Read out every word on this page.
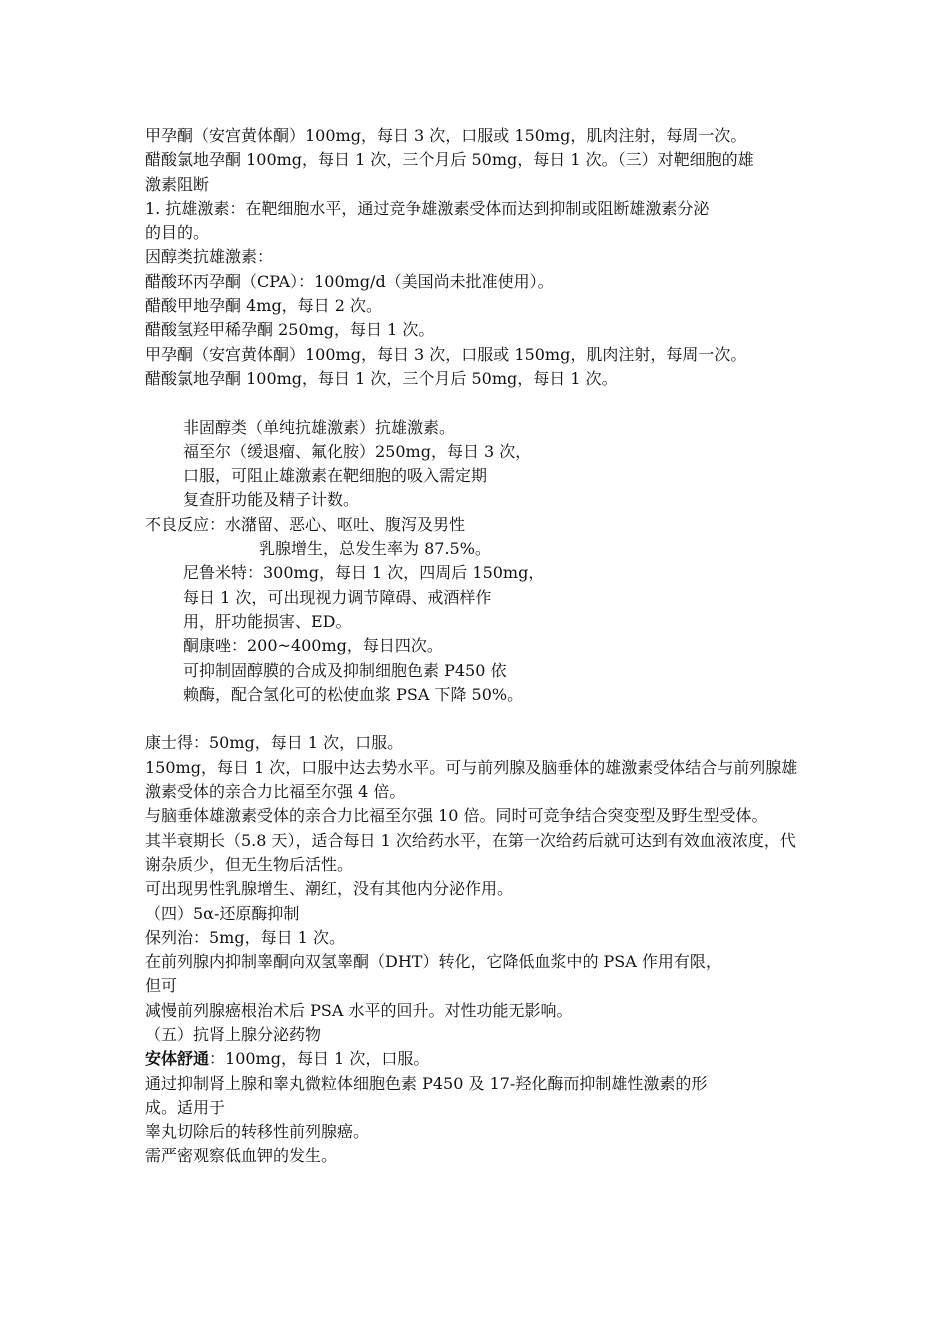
甲孕酮（安宫黄体酮）100mg，每日 3 次，口服或 150mg，肌肉注射，每周一次。
醋酸氯地孕酮 100mg，每日 1 次，三个月后 50mg，每日 1 次。（三）对靶细胞的雄
激素阻断
1. 抗雄激素：在靶细胞水平，通过竞争雄激素受体而达到抑制或阻断雄激素分泌
的目的。
因醇类抗雄激素：
醋酸环丙孕酮（CPA）：100mg/d（美国尚未批准使用）。
醋酸甲地孕酮 4mg，每日 2 次。
醋酸氢羟甲稀孕酮 250mg，每日 1 次。
甲孕酮（安宫黄体酮）100mg，每日 3 次，口服或 150mg，肌肉注射，每周一次。
醋酸氯地孕酮 100mg，每日 1 次，三个月后 50mg，每日 1 次。
非固醇类（单纯抗雄激素）抗雄激素。
福至尔（缓退瘤、氟化胺）250mg，每日 3 次，
口服，可阻止雄激素在靶细胞的吸入需定期
复查肝功能及精子计数。
不良反应：水潴留、恶心、呕吐、腹泻及男性
乳腺增生，总发生率为 87.5%。
尼鲁米特：300mg，每日 1 次，四周后 150mg，
每日 1 次，可出现视力调节障碍、戒酒样作
用，肝功能损害、ED。
酮康唑：200~400mg，每日四次。
可抑制固醇膜的合成及抑制细胞色素 P450 依
赖酶，配合氢化可的松使血浆 PSA 下降 50%。
康士得：50mg，每日 1 次，口服。
150mg，每日 1 次，口服中达去势水平。可与前列腺及脑垂体的雄激素受体结合与前列腺雄激素受体的亲合力比福至尔强 4 倍。
与脑垂体雄激素受体的亲合力比福至尔强 10 倍。同时可竞争结合突变型及野生型受体。
其半衰期长（5.8 天），适合每日 1 次给药水平，在第一次给药后就可达到有效血液浓度，代谢杂质少，但无生物后活性。
可出现男性乳腺增生、潮红，没有其他内分泌作用。
（四）5α-还原酶抑制
保列治：5mg，每日 1 次。
在前列腺内抑制睾酮向双氢睾酮（DHT）转化，它降低血浆中的 PSA 作用有限，
但可
减慢前列腺癌根治术后 PSA 水平的回升。对性功能无影响。
（五）抗肾上腺分泌药物
安体舒通：100mg，每日 1 次，口服。
通过抑制肾上腺和睾丸微粒体细胞色素 P450 及 17-羟化酶而抑制雄性激素的形
成。适用于
睾丸切除后的转移性前列腺癌。
需严密观察低血钾的发生。
